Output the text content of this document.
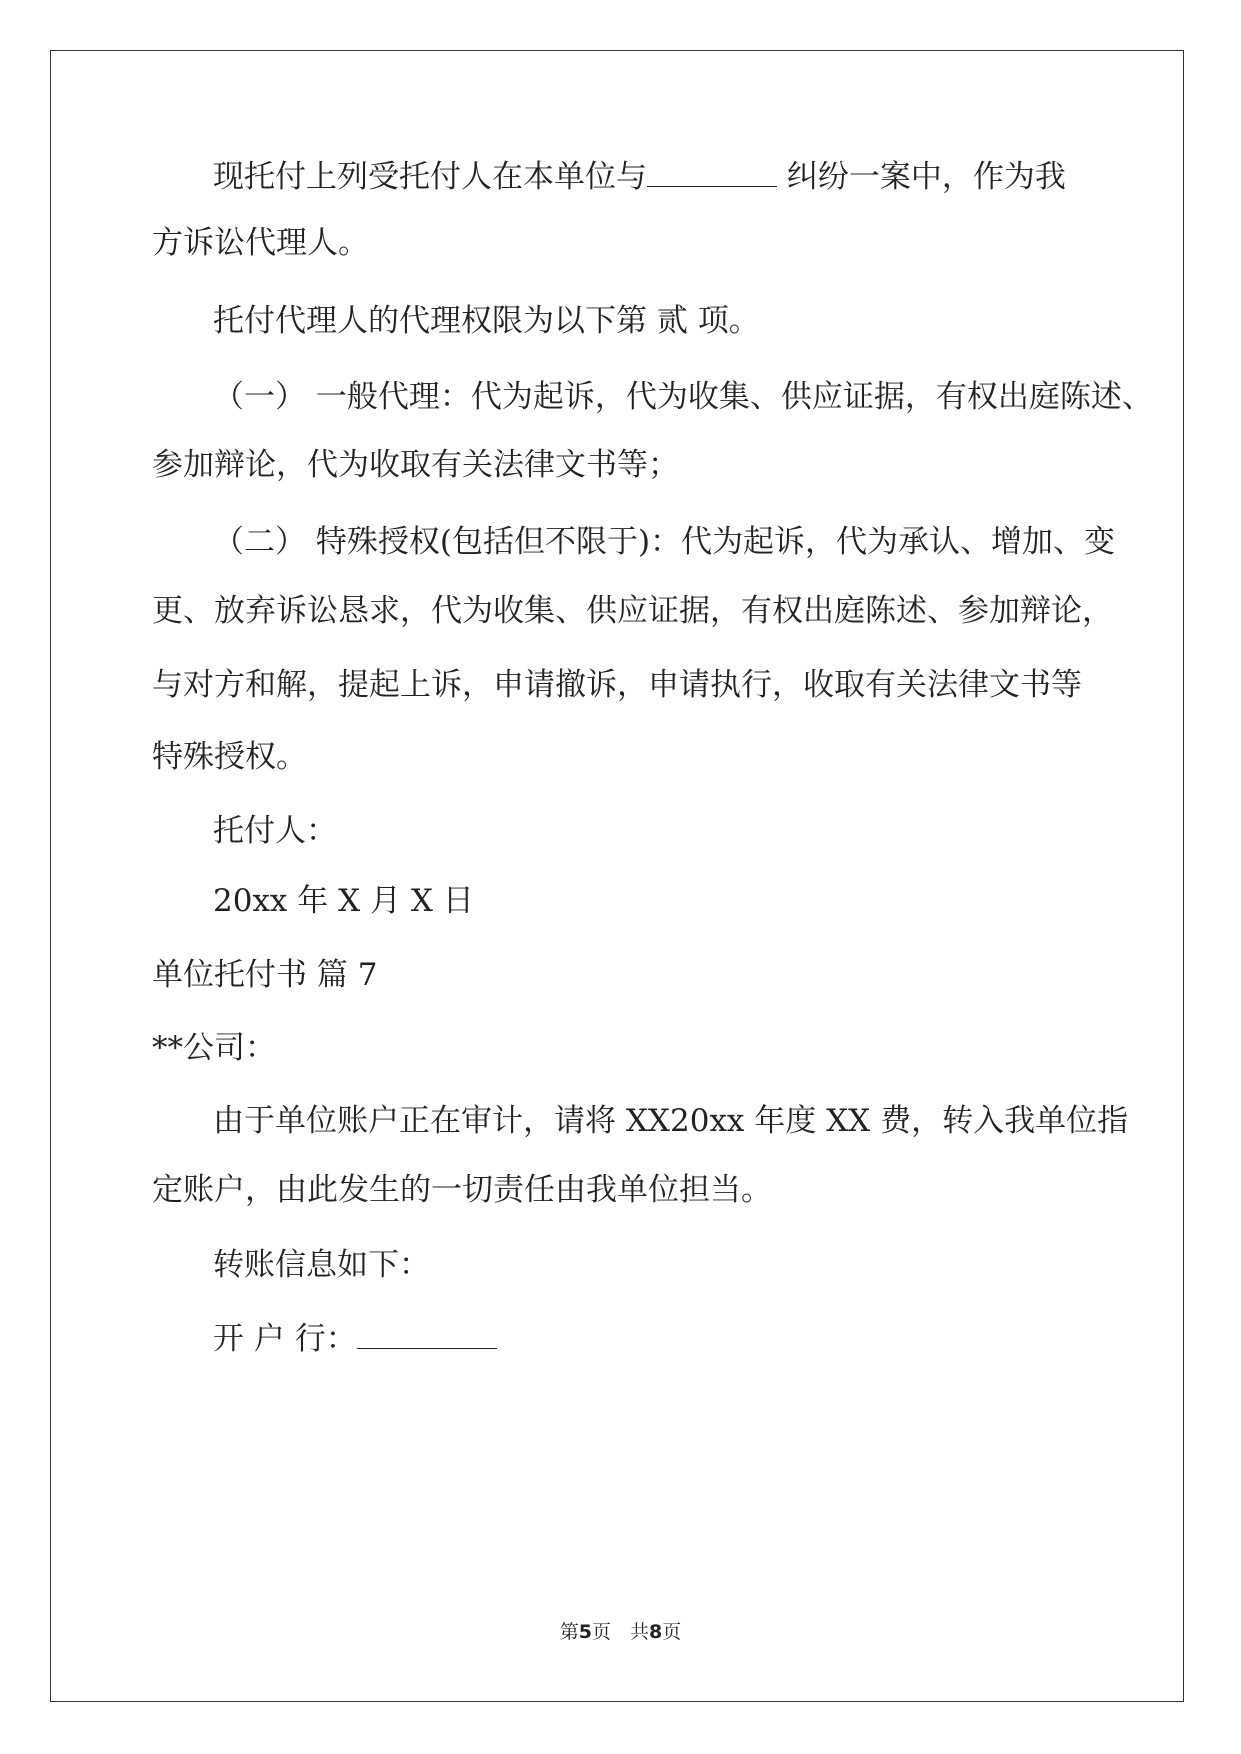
现托付上列受托付人在本单位与	纠纷一案中，作为我
方诉讼代理人。
托付代理人的代理权限为以下第 贰 项。
（一） 一般代理：代为起诉，代为收集、供应证据，有权出庭陈述、
参加辩论，代为收取有关法律文书等；
（二） 特殊授权(包括但不限于)：代为起诉，代为承认、增加、变
更、放弃诉讼恳求，代为收集、供应证据，有权出庭陈述、参加辩论，
与对方和解，提起上诉，申请撤诉，申请执行，收取有关法律文书等
特殊授权。
托付人：
20xx 年 X 月 X 日
单位托付书 篇 7
**公司：
由于单位账户正在审计，请将 XX20xx 年度 XX 费，转入我单位指
定账户，由此发生的一切责任由我单位担当。
转账信息如下：
开 户 行：
第5页　共8页
